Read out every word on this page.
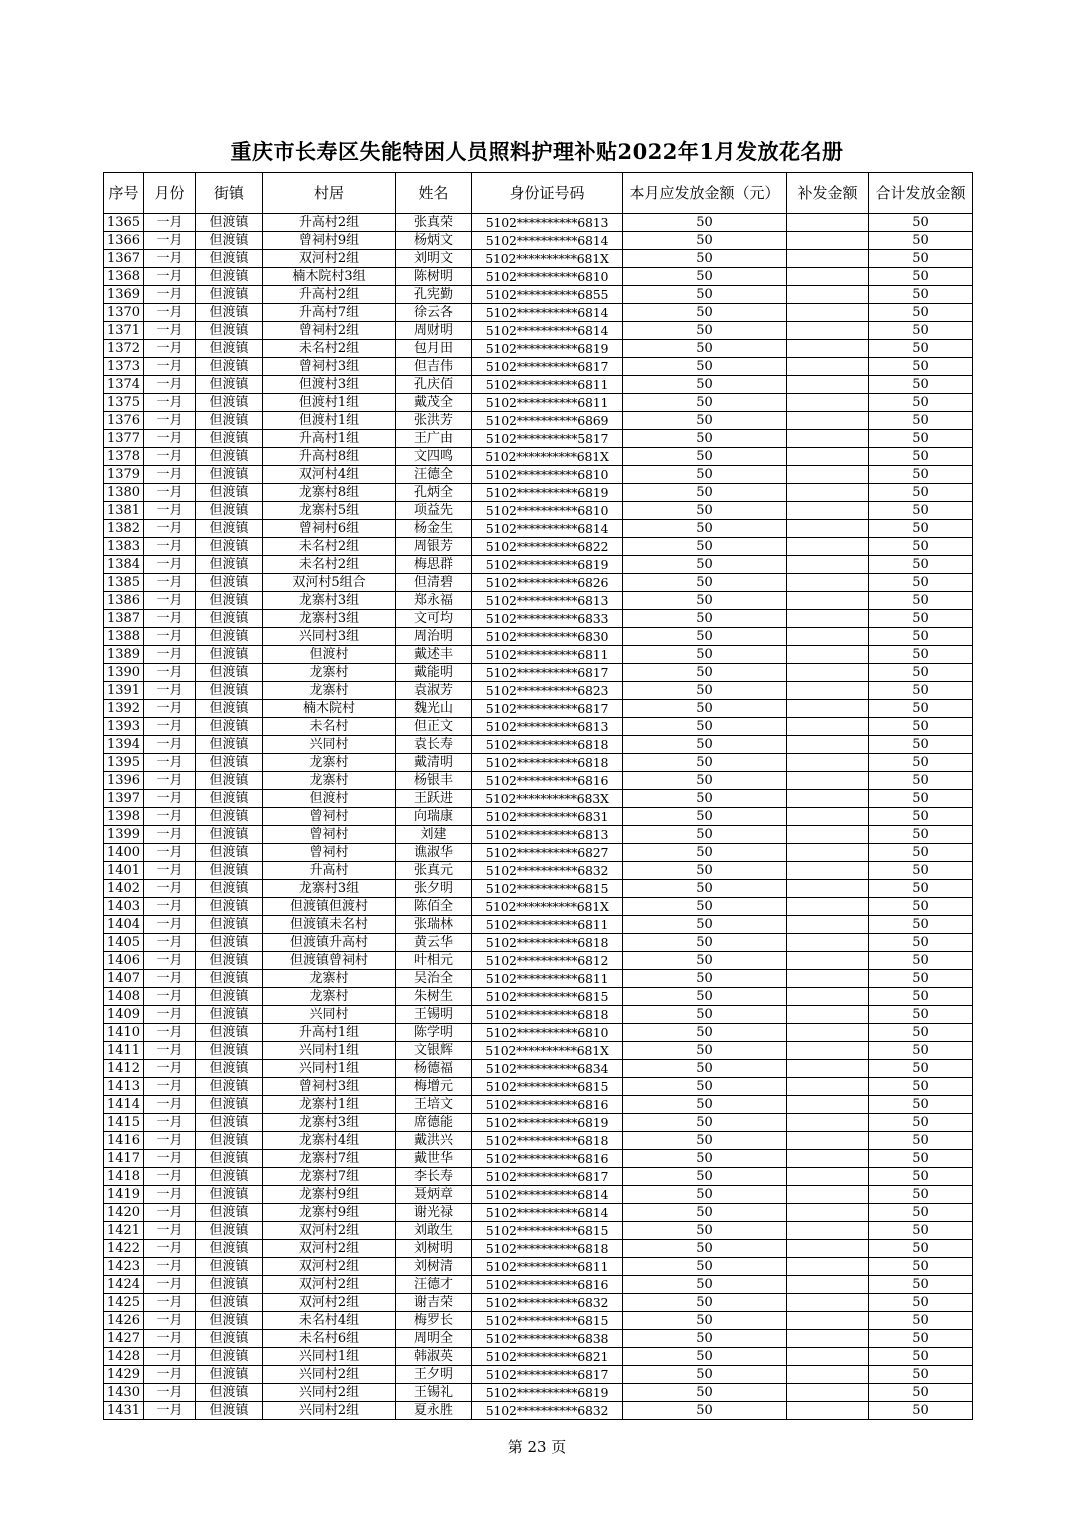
重庆市长寿区失能特困人员照料护理补贴2022年1月发放花名册
序号	月份	街镇	村居	姓名	身份证号码	本月应发放金额（元）	补发金额	合计发放金额
1365	一月	但渡镇	升高村2组	张真荣	5102**********6813	50		50
1366	一月	但渡镇	曾祠村9组	杨炳文	5102**********6814	50		50
1367	一月	但渡镇	双河村2组	刘明文	5102**********681X	50		50
1368	一月	但渡镇	楠木院村3组	陈树明	5102**********6810	50		50
1369	一月	但渡镇	升高村2组	孔宪勤	5102**********6855	50		50
1370	一月	但渡镇	升高村7组	徐云各	5102**********6814	50		50
1371	一月	但渡镇	曾祠村2组	周财明	5102**********6814	50		50
1372	一月	但渡镇	未名村2组	包月田	5102**********6819	50		50
1373	一月	但渡镇	曾祠村3组	但吉伟	5102**********6817	50		50
1374	一月	但渡镇	但渡村3组	孔庆佰	5102**********6811	50		50
1375	一月	但渡镇	但渡村1组	戴茂全	5102**********6811	50		50
1376	一月	但渡镇	但渡村1组	张洪芳	5102**********6869	50		50
1377	一月	但渡镇	升高村1组	王广由	5102**********5817	50		50
1378	一月	但渡镇	升高村8组	文四鸣	5102**********681X	50		50
1379	一月	但渡镇	双河村4组	汪德全	5102**********6810	50		50
1380	一月	但渡镇	龙寨村8组	孔炳全	5102**********6819	50		50
1381	一月	但渡镇	龙寨村5组	项益先	5102**********6810	50		50
1382	一月	但渡镇	曾祠村6组	杨金生	5102**********6814	50		50
1383	一月	但渡镇	未名村2组	周银芳	5102**********6822	50		50
1384	一月	但渡镇	未名村2组	梅思群	5102**********6819	50		50
1385	一月	但渡镇	双河村5组合	但清碧	5102**********6826	50		50
1386	一月	但渡镇	龙寨村3组	郑永福	5102**********6813	50		50
1387	一月	但渡镇	龙寨村3组	文可均	5102**********6833	50		50
1388	一月	但渡镇	兴同村3组	周治明	5102**********6830	50		50
1389	一月	但渡镇	但渡村	戴述丰	5102**********6811	50		50
1390	一月	但渡镇	龙寨村	戴能明	5102**********6817	50		50
1391	一月	但渡镇	龙寨村	袁淑芳	5102**********6823	50		50
1392	一月	但渡镇	楠木院村	魏光山	5102**********6817	50		50
1393	一月	但渡镇	未名村	但正文	5102**********6813	50		50
1394	一月	但渡镇	兴同村	袁长寿	5102**********6818	50		50
1395	一月	但渡镇	龙寨村	戴清明	5102**********6818	50		50
1396	一月	但渡镇	龙寨村	杨银丰	5102**********6816	50		50
1397	一月	但渡镇	但渡村	王跃进	5102**********683X	50		50
1398	一月	但渡镇	曾祠村	向瑞康	5102**********6831	50		50
1399	一月	但渡镇	曾祠村	刘建	5102**********6813	50		50
1400	一月	但渡镇	曾祠村	谯淑华	5102**********6827	50		50
1401	一月	但渡镇	升高村	张真元	5102**********6832	50		50
1402	一月	但渡镇	龙寨村3组	张夕明	5102**********6815	50		50
1403	一月	但渡镇	但渡镇但渡村	陈佰全	5102**********681X	50		50
1404	一月	但渡镇	但渡镇未名村	张瑞林	5102**********6811	50		50
1405	一月	但渡镇	但渡镇升高村	黄云华	5102**********6818	50		50
1406	一月	但渡镇	但渡镇曾祠村	叶相元	5102**********6812	50		50
1407	一月	但渡镇	龙寨村	吴治全	5102**********6811	50		50
1408	一月	但渡镇	龙寨村	朱树生	5102**********6815	50		50
1409	一月	但渡镇	兴同村	王锡明	5102**********6818	50		50
1410	一月	但渡镇	升高村1组	陈学明	5102**********6810	50		50
1411	一月	但渡镇	兴同村1组	文银辉	5102**********681X	50		50
1412	一月	但渡镇	兴同村1组	杨德福	5102**********6834	50		50
1413	一月	但渡镇	曾祠村3组	梅增元	5102**********6815	50		50
1414	一月	但渡镇	龙寨村1组	王培文	5102**********6816	50		50
1415	一月	但渡镇	龙寨村3组	席德能	5102**********6819	50		50
1416	一月	但渡镇	龙寨村4组	戴洪兴	5102**********6818	50		50
1417	一月	但渡镇	龙寨村7组	戴世华	5102**********6816	50		50
1418	一月	但渡镇	龙寨村7组	李长寿	5102**********6817	50		50
1419	一月	但渡镇	龙寨村9组	聂炳章	5102**********6814	50		50
1420	一月	但渡镇	龙寨村9组	谢光禄	5102**********6814	50		50
1421	一月	但渡镇	双河村2组	刘敢生	5102**********6815	50		50
1422	一月	但渡镇	双河村2组	刘树明	5102**********6818	50		50
1423	一月	但渡镇	双河村2组	刘树清	5102**********6811	50		50
1424	一月	但渡镇	双河村2组	汪德才	5102**********6816	50		50
1425	一月	但渡镇	双河村2组	谢吉荣	5102**********6832	50		50
1426	一月	但渡镇	未名村4组	梅罗长	5102**********6815	50		50
1427	一月	但渡镇	未名村6组	周明全	5102**********6838	50		50
1428	一月	但渡镇	兴同村1组	韩淑英	5102**********6821	50		50
1429	一月	但渡镇	兴同村2组	王夕明	5102**********6817	50		50
1430	一月	但渡镇	兴同村2组	王锡礼	5102**********6819	50		50
1431	一月	但渡镇	兴同村2组	夏永胜	5102**********6832	50		50
第 23 页
